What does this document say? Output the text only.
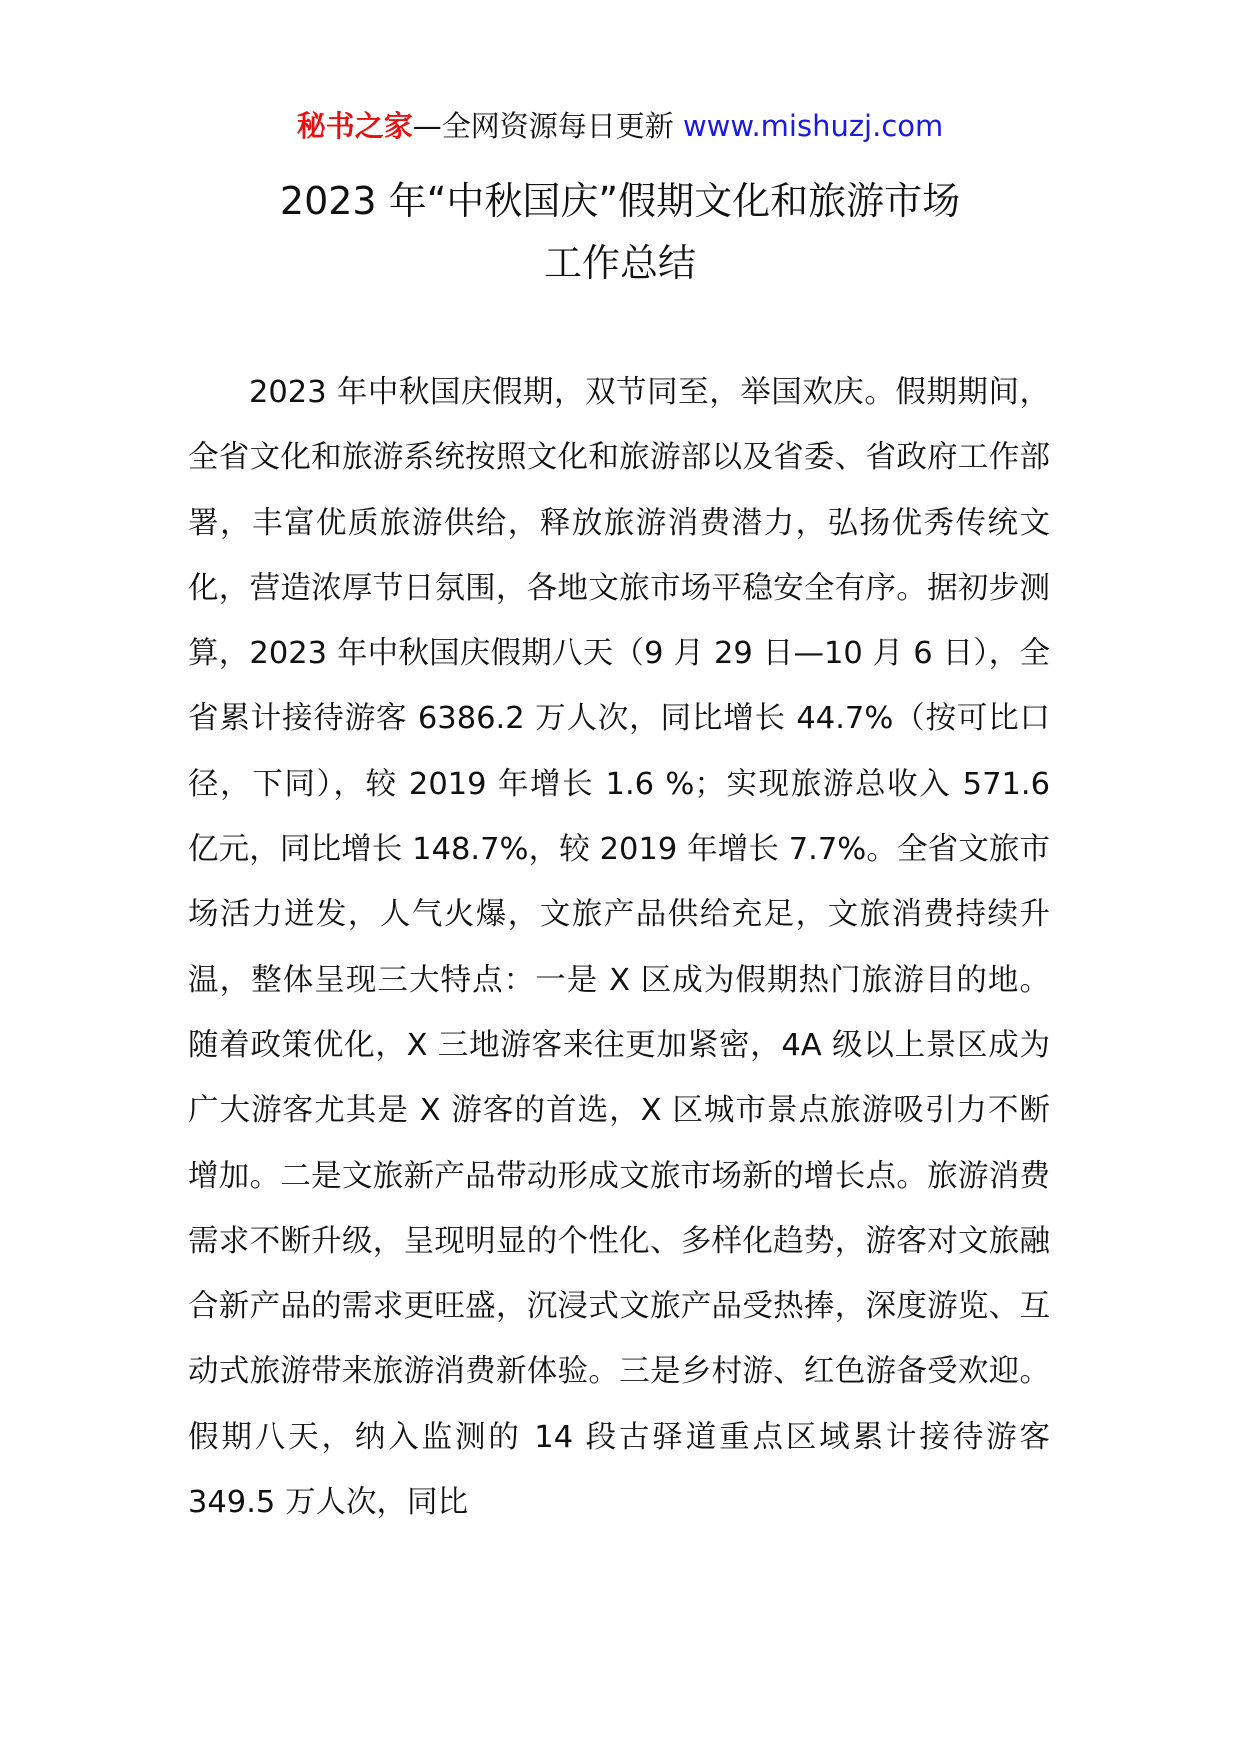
秘书之家—全网资源每日更新 www.mishuzj.com
2023 年“中秋国庆”假期文化和旅游市场
工作总结

2023 年中秋国庆假期，双节同至，举国欢庆。假期期间，全省文化和旅游系统按照文化和旅游部以及省委、省政府工作部署，丰富优质旅游供给，释放旅游消费潜力，弘扬优秀传统文化，营造浓厚节日氛围，各地文旅市场平稳安全有序。据初步测算，2023 年中秋国庆假期八天（9 月 29 日—10 月 6 日），全省累计接待游客 6386.2 万人次，同比增长 44.7%（按可比口径，下同），较 2019 年增长 1.6 %；实现旅游总收入 571.6 亿元，同比增长 148.7%，较 2019 年增长 7.7%。全省文旅市场活力迸发，人气火爆，文旅产品供给充足，文旅消费持续升温，整体呈现三大特点：一是 X 区成为假期热门旅游目的地。随着政策优化，X 三地游客来往更加紧密，4A 级以上景区成为广大游客尤其是 X 游客的首选，X 区城市景点旅游吸引力不断增加。二是文旅新产品带动形成文旅市场新的增长点。旅游消费需求不断升级，呈现明显的个性化、多样化趋势，游客对文旅融合新产品的需求更旺盛，沉浸式文旅产品受热捧，深度游览、互动式旅游带来旅游消费新体验。三是乡村游、红色游备受欢迎。假期八天，纳入监测的 14 段古驿道重点区域累计接待游客 349.5 万人次，同比
